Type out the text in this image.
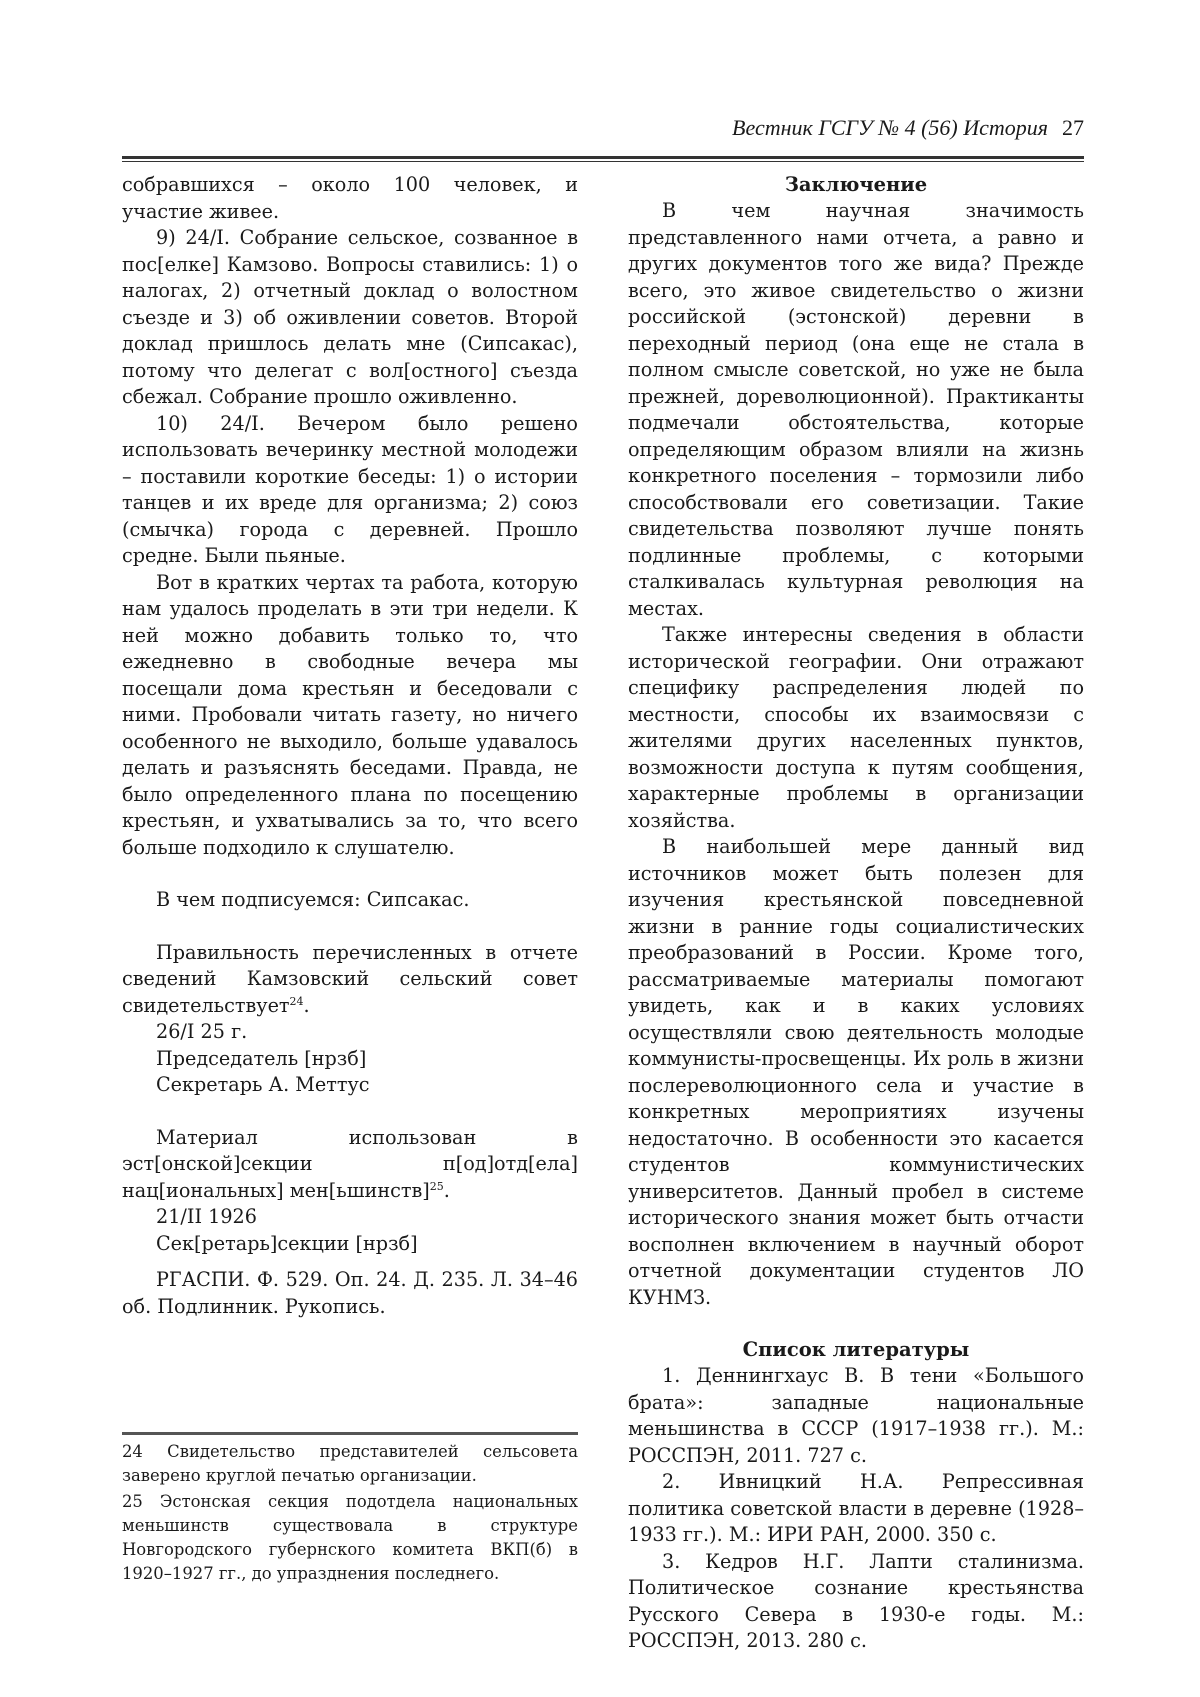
Вестник ГСГУ № 4 (56) История 27

собравшихся – около 100 человек, и участие живее.

9) 24/I. Собрание сельское, созванное в пос[елке] Камзово. Вопросы ставились: 1) о налогах, 2) отчетный доклад о волостном съезде и 3) об оживлении советов. Второй доклад пришлось делать мне (Сипсакас), потому что делегат с вол[остного] съезда сбежал. Собрание прошло оживленно.

10) 24/I. Вечером было решено использовать вечеринку местной молодежи – поставили короткие беседы: 1) о истории танцев и их вреде для организма; 2) союз (смычка) города с деревней. Прошло средне. Были пьяные.

Вот в кратких чертах та работа, которую нам удалось проделать в эти три недели. К ней можно добавить только то, что ежедневно в свободные вечера мы посещали дома крестьян и беседовали с ними. Пробовали читать газету, но ничего особенного не выходило, больше удавалось делать и разъяснять беседами. Правда, не было определенного плана по посещению крестьян, и ухватывались за то, что всего больше подходило к слушателю.

В чем подписуемся: Сипсакас.

Правильность перечисленных в отчете сведений Камзовский сельский совет свидетельствует$^{24}$.

26/I 25 г.

Председатель [нрзб]

Секретарь А. Меттус

Материал использован в эст[онской]секции п[од]отд[ела] нац[иональных] мен[ьшинств]$^{25}$.

21/II 1926

Сек[ретарь]секции [нрзб]

РГАСПИ. Ф. 529. Оп. 24. Д. 235. Л. 34–46 об. Подлинник. Рукопись.

24 Свидетельство представителей сельсовета заверено круглой печатью организации.

25 Эстонская секция подотдела национальных меньшинств существовала в структуре Новгородского губернского комитета ВКП(б) в 1920–1927 гг., до упразднения последнего.

Заключение

В чем научная значимость представленного нами отчета, а равно и других документов того же вида? Прежде всего, это живое свидетельство о жизни российской (эстонской) деревни в переходный период (она еще не стала в полном смысле советской, но уже не была прежней, дореволюционной). Практиканты подмечали обстоятельства, которые определяющим образом влияли на жизнь конкретного поселения – тормозили либо способствовали его советизации. Такие свидетельства позволяют лучше понять подлинные проблемы, с которыми сталкивалась культурная революция на местах.

Также интересны сведения в области исторической географии. Они отражают специфику распределения людей по местности, способы их взаимосвязи с жителями других населенных пунктов, возможности доступа к путям сообщения, характерные проблемы в организации хозяйства.

В наибольшей мере данный вид источников может быть полезен для изучения крестьянской повседневной жизни в ранние годы социалистических преобразований в России. Кроме того, рассматриваемые материалы помогают увидеть, как и в каких условиях осуществляли свою деятельность молодые коммунисты-просвещенцы. Их роль в жизни послереволюционного села и участие в конкретных мероприятиях изучены недостаточно. В особенности это касается студентов коммунистических университетов. Данный пробел в системе исторического знания может быть отчасти восполнен включением в научный оборот отчетной документации студентов ЛО КУНМЗ.

Список литературы

1. Деннингхаус В. В тени «Большого брата»: западные национальные меньшинства в СССР (1917–1938 гг.). М.: РОССПЭН, 2011. 727 с.

2. Ивницкий Н.А. Репрессивная политика советской власти в деревне (1928–1933 гг.). М.: ИРИ РАН, 2000. 350 с.

3. Кедров Н.Г. Лапти сталинизма. Политическое сознание крестьянства Русского Севера в 1930-е годы. М.: РОССПЭН, 2013. 280 с.
